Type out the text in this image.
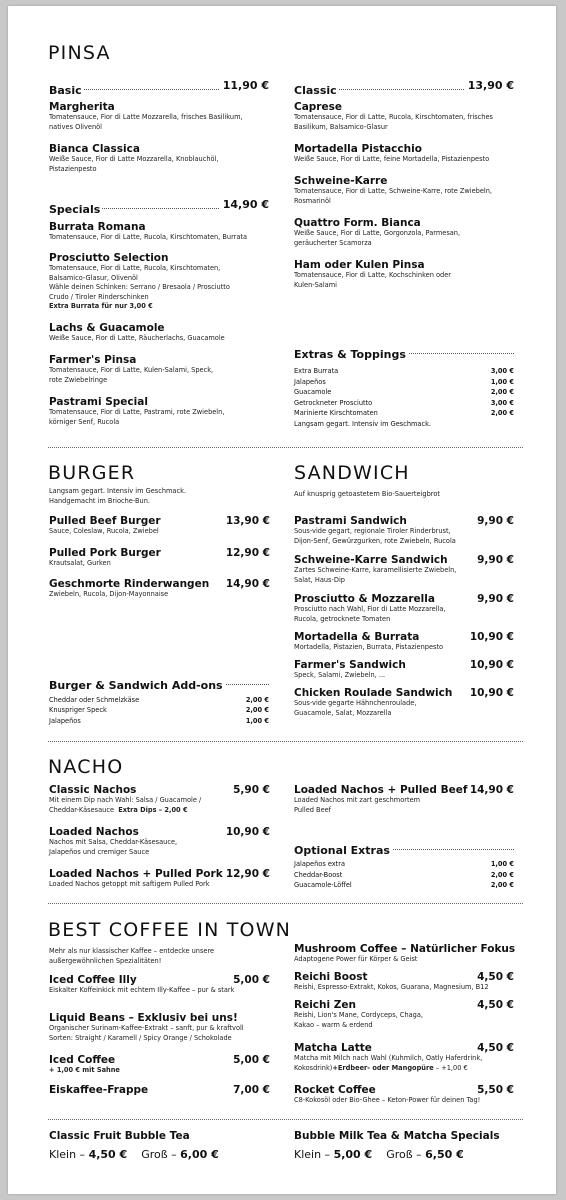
PINSA
Basic	11,90 €
Margherita
Tomatensauce, Fior di Latte Mozzarella, frisches Basilikum,
natives Olivenöl
Bianca Classica
Weiße Sauce, Fior di Latte Mozzarella, Knoblauchöl,
Pistazienpesto
Specials	14,90 €
Burrata Romana
Tomatensauce, Fior di Latte, Rucola, Kirschtomaten, Burrata
Prosciutto Selection
Tomatensauce, Fior di Latte, Rucola, Kirschtomaten,
Balsamico-Glasur, Olivenöl
Wähle deinen Schinken: Serrano / Bresaola / Prosciutto
Crudo / Tiroler Rinderschinken
Extra Burrata für nur 3,00 €
Lachs & Guacamole
Weiße Sauce, Fior di Latte, Räucherlachs, Guacamole
Farmer's Pinsa
Tomatensauce, Fior di Latte, Kulen-Salami, Speck,
rote Zwiebelringe
Pastrami Special
Tomatensauce, Fior di Latte, Pastrami, rote Zwiebeln,
körniger Senf, Rucola
Classic	13,90 €
Caprese
Tomatensauce, Fior di Latte, Rucola, Kirschtomaten, frisches
Basilikum, Balsamico-Glasur
Mortadella Pistacchio
Weiße Sauce, Fior di Latte, feine Mortadella, Pistazienpesto
Schweine-Karre
Tomatensauce, Fior di Latte, Schweine-Karre, rote Zwiebeln,
Rosmarinöl
Quattro Form. Bianca
Weiße Sauce, Fior di Latte, Gorgonzola, Parmesan,
geräucherter Scamorza
Ham oder Kulen Pinsa
Tomatensauce, Fior di Latte, Kochschinken oder
Kulen-Salami
Extras & Toppings
Extra Burrata	3,00 €
Jalapeños	1,00 €
Guacamole	2,00 €
Getrockneter Prosciutto	3,00 €
Marinierte Kirschtomaten	2,00 €
Langsam gegart. Intensiv im Geschmack.
BURGER
Langsam gegart. Intensiv im Geschmack.
Handgemacht im Brioche-Bun.
Pulled Beef Burger	13,90 €
Sauce, Coleslaw, Rucola, Zwiebel
Pulled Pork Burger	12,90 €
Krautsalat, Gurken
Geschmorte Rinderwangen	14,90 €
Zwiebeln, Rucola, Dijon-Mayonnaise
Burger & Sandwich Add-ons
Cheddar oder Schmelzkäse	2,00 €
Knuspriger Speck	2,00 €
Jalapeños	1,00 €
SANDWICH
Auf knusprig getoastetem Bio-Sauerteigbrot
Pastrami Sandwich	9,90 €
Sous-vide gegart, regionale Tiroler Rinderbrust,
Dijon-Senf, Gewürzgurken, rote Zwiebeln, Rucola
Schweine-Karre Sandwich	9,90 €
Zartes Schweine-Karre, karamellisierte Zwiebeln,
Salat, Haus-Dip
Prosciutto & Mozzarella	9,90 €
Prosciutto nach Wahl, Fior di Latte Mozzarella,
Rucola, getrocknete Tomaten
Mortadella & Burrata	10,90 €
Mortadella, Pistazien, Burrata, Pistazienpesto
Farmer's Sandwich	10,90 €
Speck, Salami, Zwiebeln, ...
Chicken Roulade Sandwich	10,90 €
Sous-vide gegarte Hähnchenroulade,
Guacamole, Salat, Mozzarella
NACHO
Classic Nachos	5,90 €
Mit einem Dip nach Wahl: Salsa / Guacamole /
Cheddar-Käsesauce Extra Dips – 2,00 €
Loaded Nachos	10,90 €
Nachos mit Salsa, Cheddar-Käsesauce,
Jalapeños und cremiger Sauce
Loaded Nachos + Pulled Pork 12,90 €
Loaded Nachos getoppt mit saftigem Pulled Pork
Loaded Nachos + Pulled Beef 14,90 €
Loaded Nachos mit zart geschmortem
Pulled Beef
Optional Extras
Jalapeños extra	1,00 €
Cheddar-Boost	2,00 €
Guacamole-Löffel	2,00 €
BEST COFFEE IN TOWN
Mehr als nur klassischer Kaffee – entdecke unsere
außergewöhnlichen Spezialitäten!
Iced Coffee Illy	5,00 €
Eiskalter Koffeinkick mit echtem Illy-Kaffee – pur & stark
Liquid Beans – Exklusiv bei uns!
Organischer Surinam-Kaffee-Extrakt – sanft, pur & kraftvoll
Sorten: Straight / Karamell / Spicy Orange / Schokolade
Iced Coffee	5,00 €
+ 1,00 € mit Sahne
Eiskaffee-Frappe	7,00 €
Mushroom Coffee – Natürlicher Fokus
Adaptogene Power für Körper & Geist
Reichi Boost	4,50 €
Reishi, Espresso-Extrakt, Kokos, Guarana, Magnesium, B12
Reichi Zen	4,50 €
Reishi, Lion's Mane, Cordyceps, Chaga,
Kakao – warm & erdend
Matcha Latte	4,50 €
Matcha mit Milch nach Wahl (Kuhmilch, Oatly Haferdrink,
Kokosdrink)+Erdbeer- oder Mangopüre – +1,00 €
Rocket Coffee	5,50 €
C8-Kokosöl oder Bio-Ghee – Keton-Power für deinen Tag!
Classic Fruit Bubble Tea
Klein – 4,50 € Groß – 6,00 €
Bubble Milk Tea & Matcha Specials
Klein – 5,00 € Groß – 6,50 €
